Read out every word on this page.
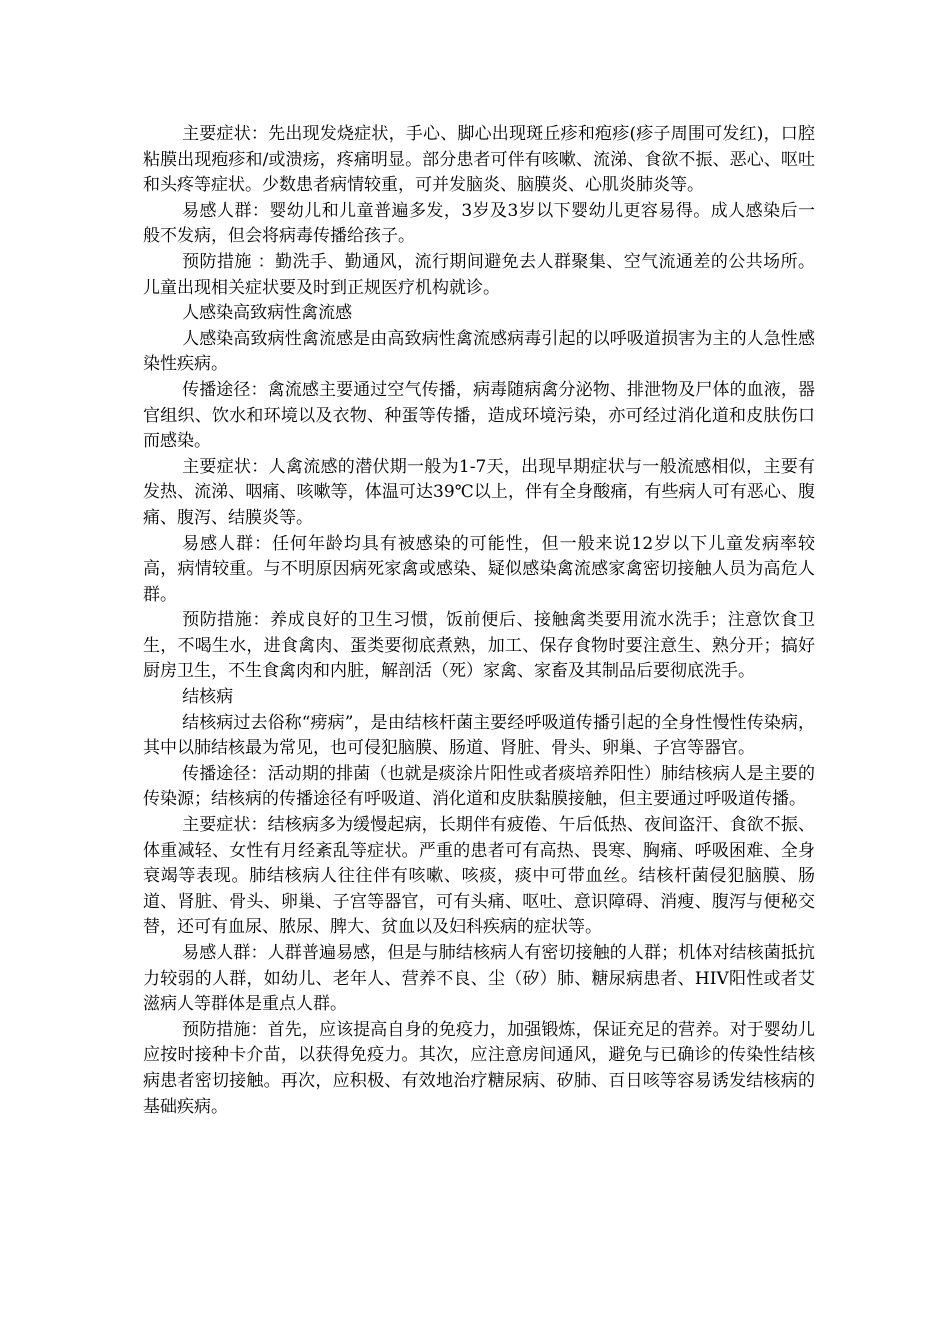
主要症状：先出现发烧症状，手心、脚心出现斑丘疹和疱疹(疹子周围可发红)，口腔粘膜出现疱疹和/或溃疡，疼痛明显。部分患者可伴有咳嗽、流涕、食欲不振、恶心、呕吐和头疼等症状。少数患者病情较重，可并发脑炎、脑膜炎、心肌炎肺炎等。

易感人群：婴幼儿和儿童普遍多发，3岁及3岁以下婴幼儿更容易得。成人感染后一般不发病，但会将病毒传播给孩子。

预防措施 ：勤洗手、勤通风，流行期间避免去人群聚集、空气流通差的公共场所。儿童出现相关症状要及时到正规医疗机构就诊。

人感染高致病性禽流感

人感染高致病性禽流感是由高致病性禽流感病毒引起的以呼吸道损害为主的人急性感染性疾病。

传播途径：禽流感主要通过空气传播，病毒随病禽分泌物、排泄物及尸体的血液，器官组织、饮水和环境以及衣物、种蛋等传播，造成环境污染，亦可经过消化道和皮肤伤口而感染。

主要症状：人禽流感的潜伏期一般为1-7天，出现早期症状与一般流感相似，主要有发热、流涕、咽痛、咳嗽等，体温可达39℃以上，伴有全身酸痛，有些病人可有恶心、腹痛、腹泻、结膜炎等。

易感人群：任何年龄均具有被感染的可能性，但一般来说12岁以下儿童发病率较高，病情较重。与不明原因病死家禽或感染、疑似感染禽流感家禽密切接触人员为高危人群。

预防措施：养成良好的卫生习惯，饭前便后、接触禽类要用流水洗手；注意饮食卫生，不喝生水，进食禽肉、蛋类要彻底煮熟，加工、保存食物时要注意生、熟分开；搞好厨房卫生，不生食禽肉和内脏，解剖活（死）家禽、家畜及其制品后要彻底洗手。

结核病

结核病过去俗称“痨病”，是由结核杆菌主要经呼吸道传播引起的全身性慢性传染病，其中以肺结核最为常见，也可侵犯脑膜、肠道、肾脏、骨头、卵巢、子宫等器官。

传播途径：活动期的排菌（也就是痰涂片阳性或者痰培养阳性）肺结核病人是主要的传染源；结核病的传播途径有呼吸道、消化道和皮肤黏膜接触，但主要通过呼吸道传播。

主要症状：结核病多为缓慢起病，长期伴有疲倦、午后低热、夜间盗汗、食欲不振、体重减轻、女性有月经紊乱等症状。严重的患者可有高热、畏寒、胸痛、呼吸困难、全身衰竭等表现。肺结核病人往往伴有咳嗽、咳痰，痰中可带血丝。结核杆菌侵犯脑膜、肠道、肾脏、骨头、卵巢、子宫等器官，可有头痛、呕吐、意识障碍、消瘦、腹泻与便秘交替，还可有血尿、脓尿、脾大、贫血以及妇科疾病的症状等。

易感人群：人群普遍易感，但是与肺结核病人有密切接触的人群；机体对结核菌抵抗力较弱的人群，如幼儿、老年人、营养不良、尘（矽）肺、糖尿病患者、HIV阳性或者艾滋病人等群体是重点人群。

预防措施：首先，应该提高自身的免疫力，加强锻炼，保证充足的营养。对于婴幼儿应按时接种卡介苗，以获得免疫力。其次，应注意房间通风，避免与已确诊的传染性结核病患者密切接触。再次，应积极、有效地治疗糖尿病、矽肺、百日咳等容易诱发结核病的基础疾病。
